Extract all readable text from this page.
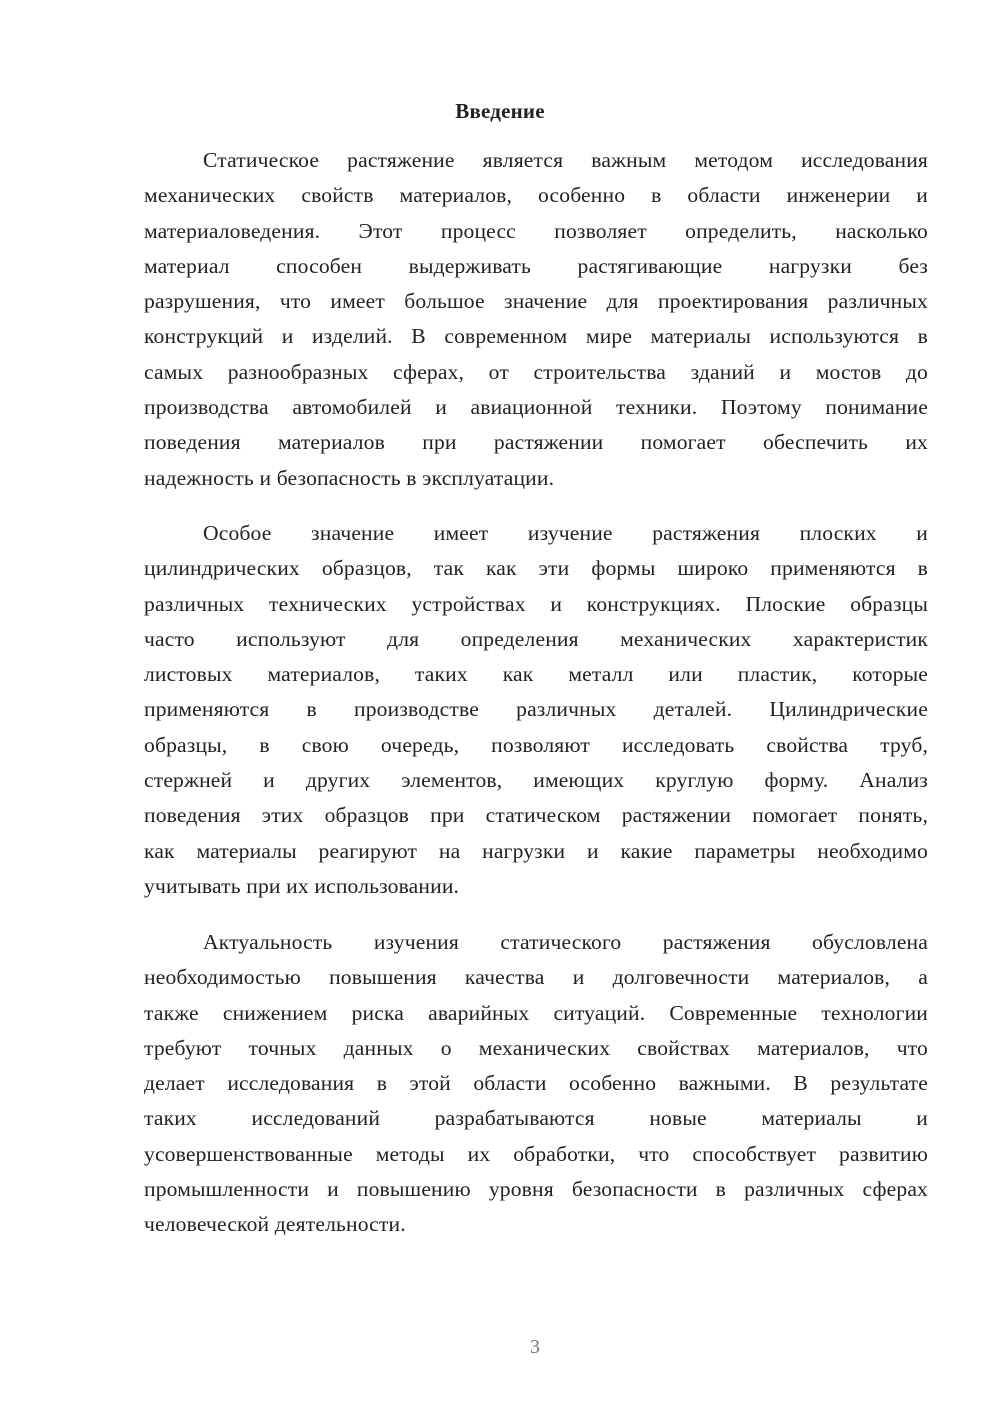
Введение

Статическое растяжение является важным методом исследования
механических свойств материалов, особенно в области инженерии и
материаловедения. Этот процесс позволяет определить, насколько
материал способен выдерживать растягивающие нагрузки без
разрушения, что имеет большое значение для проектирования различных
конструкций и изделий. В современном мире материалы используются в
самых разнообразных сферах, от строительства зданий и мостов до
производства автомобилей и авиационной техники. Поэтому понимание
поведения материалов при растяжении помогает обеспечить их
надежность и безопасность в эксплуатации.

Особое значение имеет изучение растяжения плоских и
цилиндрических образцов, так как эти формы широко применяются в
различных технических устройствах и конструкциях. Плоские образцы
часто используют для определения механических характеристик
листовых материалов, таких как металл или пластик, которые
применяются в производстве различных деталей. Цилиндрические
образцы, в свою очередь, позволяют исследовать свойства труб,
стержней и других элементов, имеющих круглую форму. Анализ
поведения этих образцов при статическом растяжении помогает понять,
как материалы реагируют на нагрузки и какие параметры необходимо
учитывать при их использовании.

Актуальность изучения статического растяжения обусловлена
необходимостью повышения качества и долговечности материалов, а
также снижением риска аварийных ситуаций. Современные технологии
требуют точных данных о механических свойствах материалов, что
делает исследования в этой области особенно важными. В результате
таких исследований разрабатываются новые материалы и
усовершенствованные методы их обработки, что способствует развитию
промышленности и повышению уровня безопасности в различных сферах
человеческой деятельности.

3
